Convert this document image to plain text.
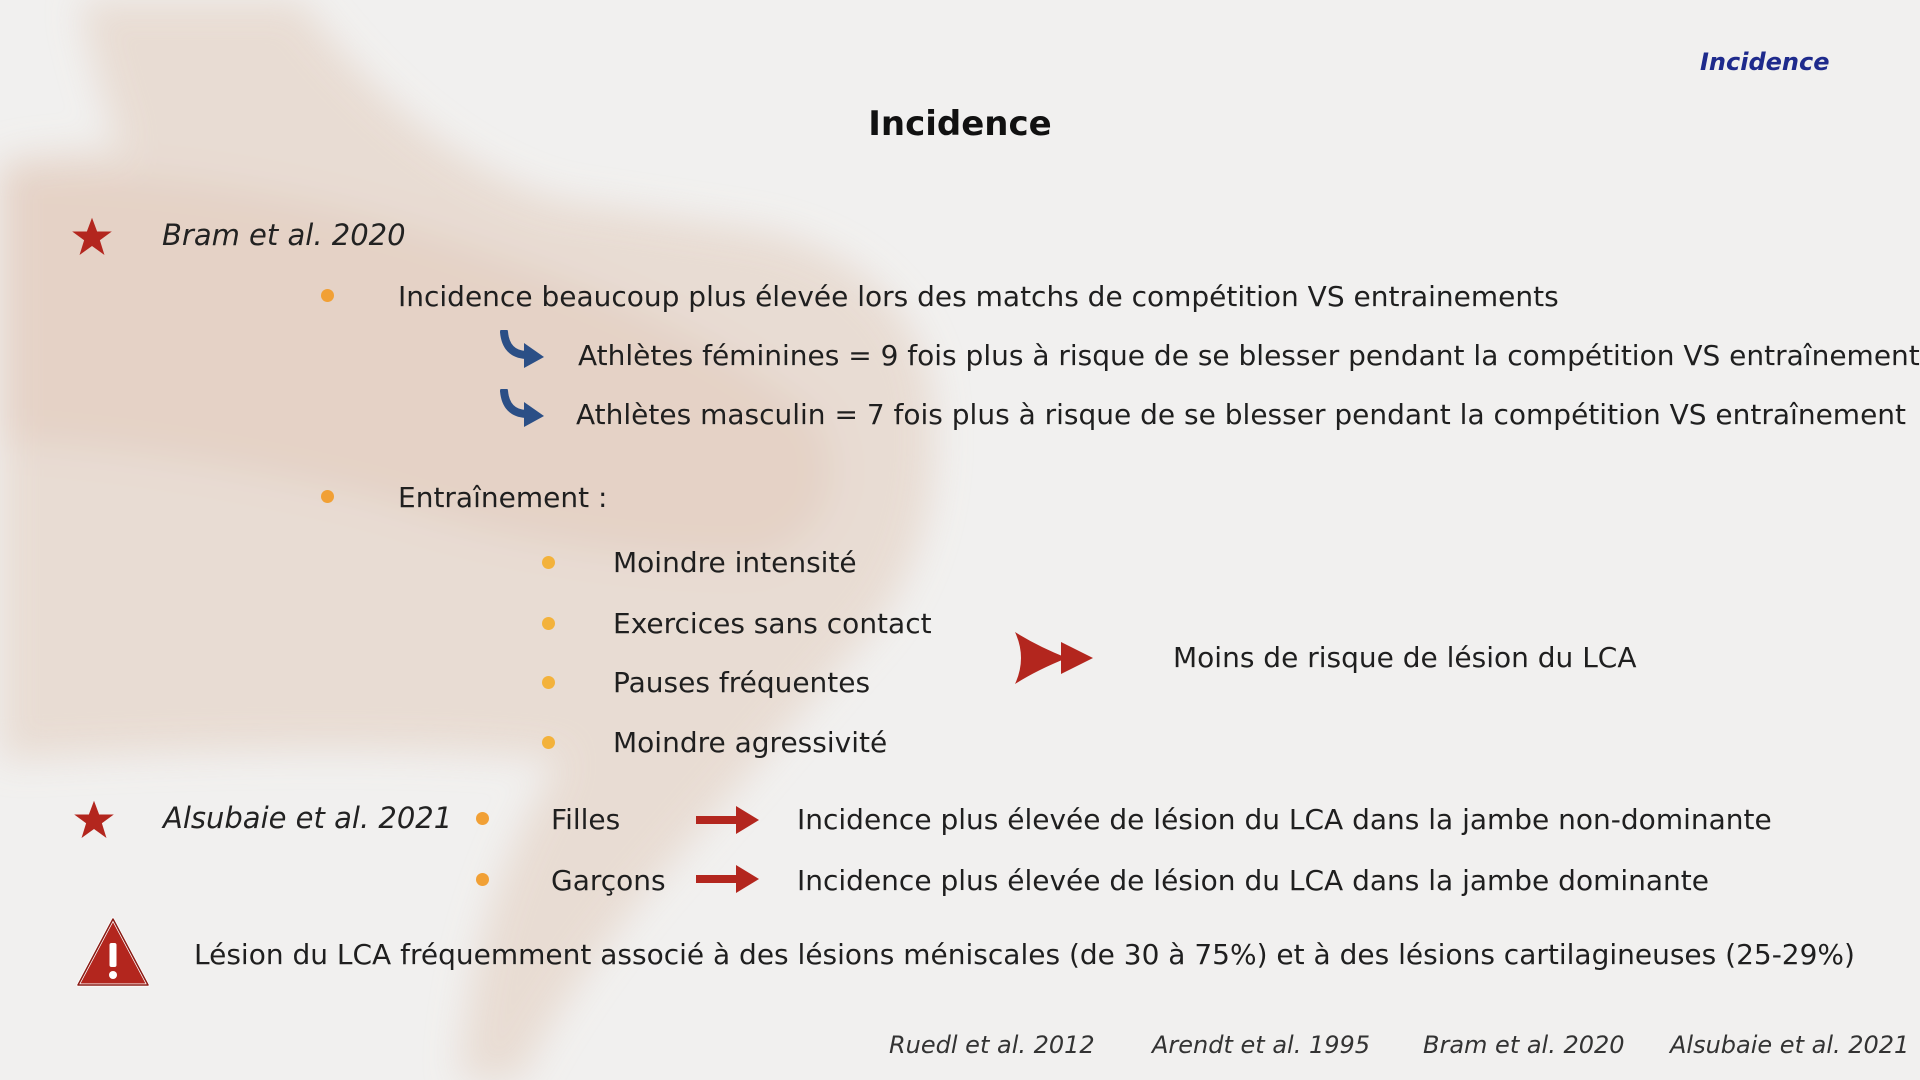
Incidence
Incidence
Bram et al. 2020
Incidence beaucoup plus élevée lors des matchs de compétition VS entrainements
Athlètes féminines = 9 fois plus à risque de se blesser pendant la compétition VS entraînement
Athlètes masculin = 7 fois plus à risque de se blesser pendant la compétition VS entraînement
Entraînement :
Moindre intensité
Exercices sans contact
Pauses fréquentes
Moindre agressivité
Moins de risque de lésion du LCA
Alsubaie et al. 2021	Filles	Incidence plus élevée de lésion du LCA dans la jambe non-dominante
Garçons	Incidence plus élevée de lésion du LCA dans la jambe dominante
Lésion du LCA fréquemment associé à des lésions méniscales (de 30 à 75%) et à des lésions cartilagineuses (25-29%)
Ruedl et al. 2012 Arendt et al. 1995 Bram et al. 2020 Alsubaie et al. 2021
